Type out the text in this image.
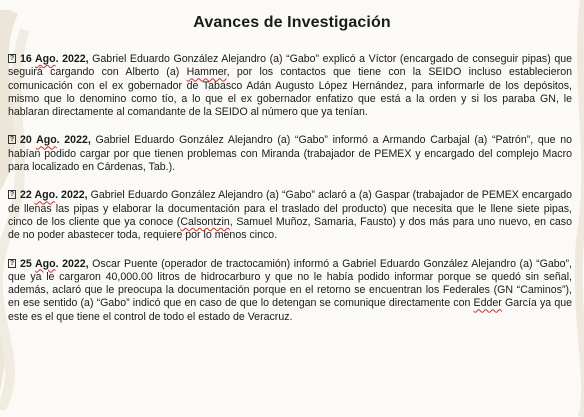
Avances de Investigación

?16 Ago. 2022, Gabriel Eduardo González Alejandro (a) “Gabo” explicó a Víctor (encargado de conseguir pipas) que seguirá cargando con Alberto (a) Hammer, por los contactos que tiene con la SEIDO incluso establecieron comunicación con el ex gobernador de Tabasco Adán Augusto López Hernández, para informarle de los depósitos, mismo que lo denomino como tío, a lo que el ex gobernador enfatizo que está a la orden y si los paraba GN, le hablaran directamente al comandante de la SEIDO al número que ya tenían.

?20 Ago. 2022, Gabriel Eduardo González Alejandro (a) “Gabo” informó a Armando Carbajal (a) “Patrón”, que no habían podido cargar por que tienen problemas con Miranda (trabajador de PEMEX y encargado del complejo Macro para localizado en Cárdenas, Tab.).

?22 Ago. 2022, Gabriel Eduardo González Alejandro (a) “Gabo” aclaró a (a) Gaspar (trabajador de PEMEX encargado de llenas las pipas y elaborar la documentación para el traslado del producto) que necesita que le llene siete pipas, cinco de los cliente que ya conoce (Calsontzin, Samuel Muñoz, Samaria, Fausto) y dos más para uno nuevo, en caso de no poder abastecer toda, requiere por lo menos cinco.

?25 Ago. 2022, Oscar Puente (operador de tractocamión) informó a Gabriel Eduardo González Alejandro (a) “Gabo”, que ya le cargaron 40,000.00 litros de hidrocarburo y que no le había podido informar porque se quedó sin señal, además, aclaró que le preocupa la documentación porque en el retorno se encuentran los Federales (GN “Caminos”), en ese sentido (a) “Gabo” indicó que en caso de que lo detengan se comunique directamente con Edder García ya que este es el que tiene el control de todo el estado de Veracruz.
